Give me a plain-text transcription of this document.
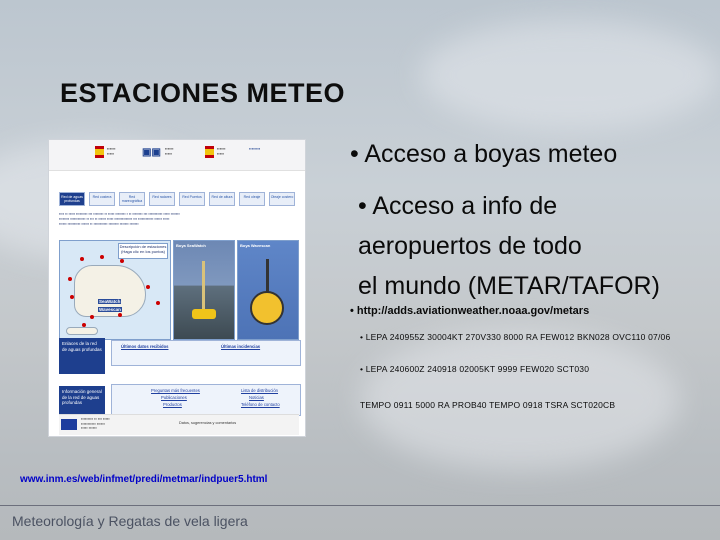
ESTACIONES METEO
▪▪▪▪▪▪
▪▪▪▪▪	▣▣ ▪▪▪▪▪▪
▪▪▪▪▪
▪▪▪▪▪▪
▪▪▪▪▪
▪▪▪▪▪▪▪▪
Red de aguas profundas
Red costera	Red mareográfica
Red radares	Red Puertos	Red de altura	Red oleaje	Oleaje costero
▪▪▪▪ ▪▪ ▪▪▪▪▪ ▪▪▪▪▪▪▪▪▪ ▪▪▪ ▪▪▪▪▪▪▪▪ ▪▪ ▪▪▪▪▪ ▪▪▪▪▪▪▪▪ ▪ ▪▪ ▪▪▪▪▪▪▪▪ ▪▪▪ ▪▪▪▪▪▪▪▪▪▪▪ ▪▪▪▪▪ ▪▪▪▪▪▪▪
▪▪▪▪▪▪▪▪ ▪▪▪▪▪▪▪▪▪▪▪▪ ▪▪ ▪▪▪ ▪▪ ▪▪▪▪▪▪ ▪▪▪▪▪ ▪▪▪▪▪▪▪▪▪▪▪▪▪▪ ▪▪▪ ▪▪▪▪▪▪▪▪▪▪▪▪ ▪▪▪▪▪▪ ▪▪▪▪▪
▪▪▪▪▪▪ ▪▪▪▪▪▪▪▪▪▪ ▪▪▪▪▪▪ ▪▪ ▪▪▪▪▪▪▪▪▪▪▪ ▪▪▪▪▪▪▪▪ ▪▪▪▪▪▪▪ ▪▪▪▪▪▪▪
Descripción de estaciones (Haga clic en los puntos)
SeaWatch
Wavescan
Boya SeaWatch	Boya Wavescan
Enlaces de la red de aguas profundas	Últimos datos recibidos	Últimas incidencias
Información general de la red de aguas profundas
Preguntas más frecuentes	Lista de distribución
Publicaciones	Noticias
Productos	Teléfono de contacto
▪▪▪▪▪▪▪▪▪ ▪▪ ▪▪▪ ▪▪▪▪▪
▪▪▪▪▪▪▪▪▪▪▪ ▪▪▪▪▪▪
▪▪▪▪▪ ▪▪▪▪▪▪
Datos, sugerencias y comentarios
• Acceso a boyas meteo
• Acceso a info de
aeropuertos de todo
el mundo (METAR/TAFOR)
• http://adds.aviationweather.noaa.gov/metars
• LEPA 240955Z 30004KT 270V330 8000 RA FEW012 BKN028 OVC110 07/06
• LEPA 240600Z 240918 02005KT 9999 FEW020 SCT030
TEMPO 0911 5000 RA PROB40 TEMPO 0918 TSRA SCT020CB
www.inm.es/web/infmet/predi/metmar/indpuer5.html
Meteorología y Regatas de vela ligera
